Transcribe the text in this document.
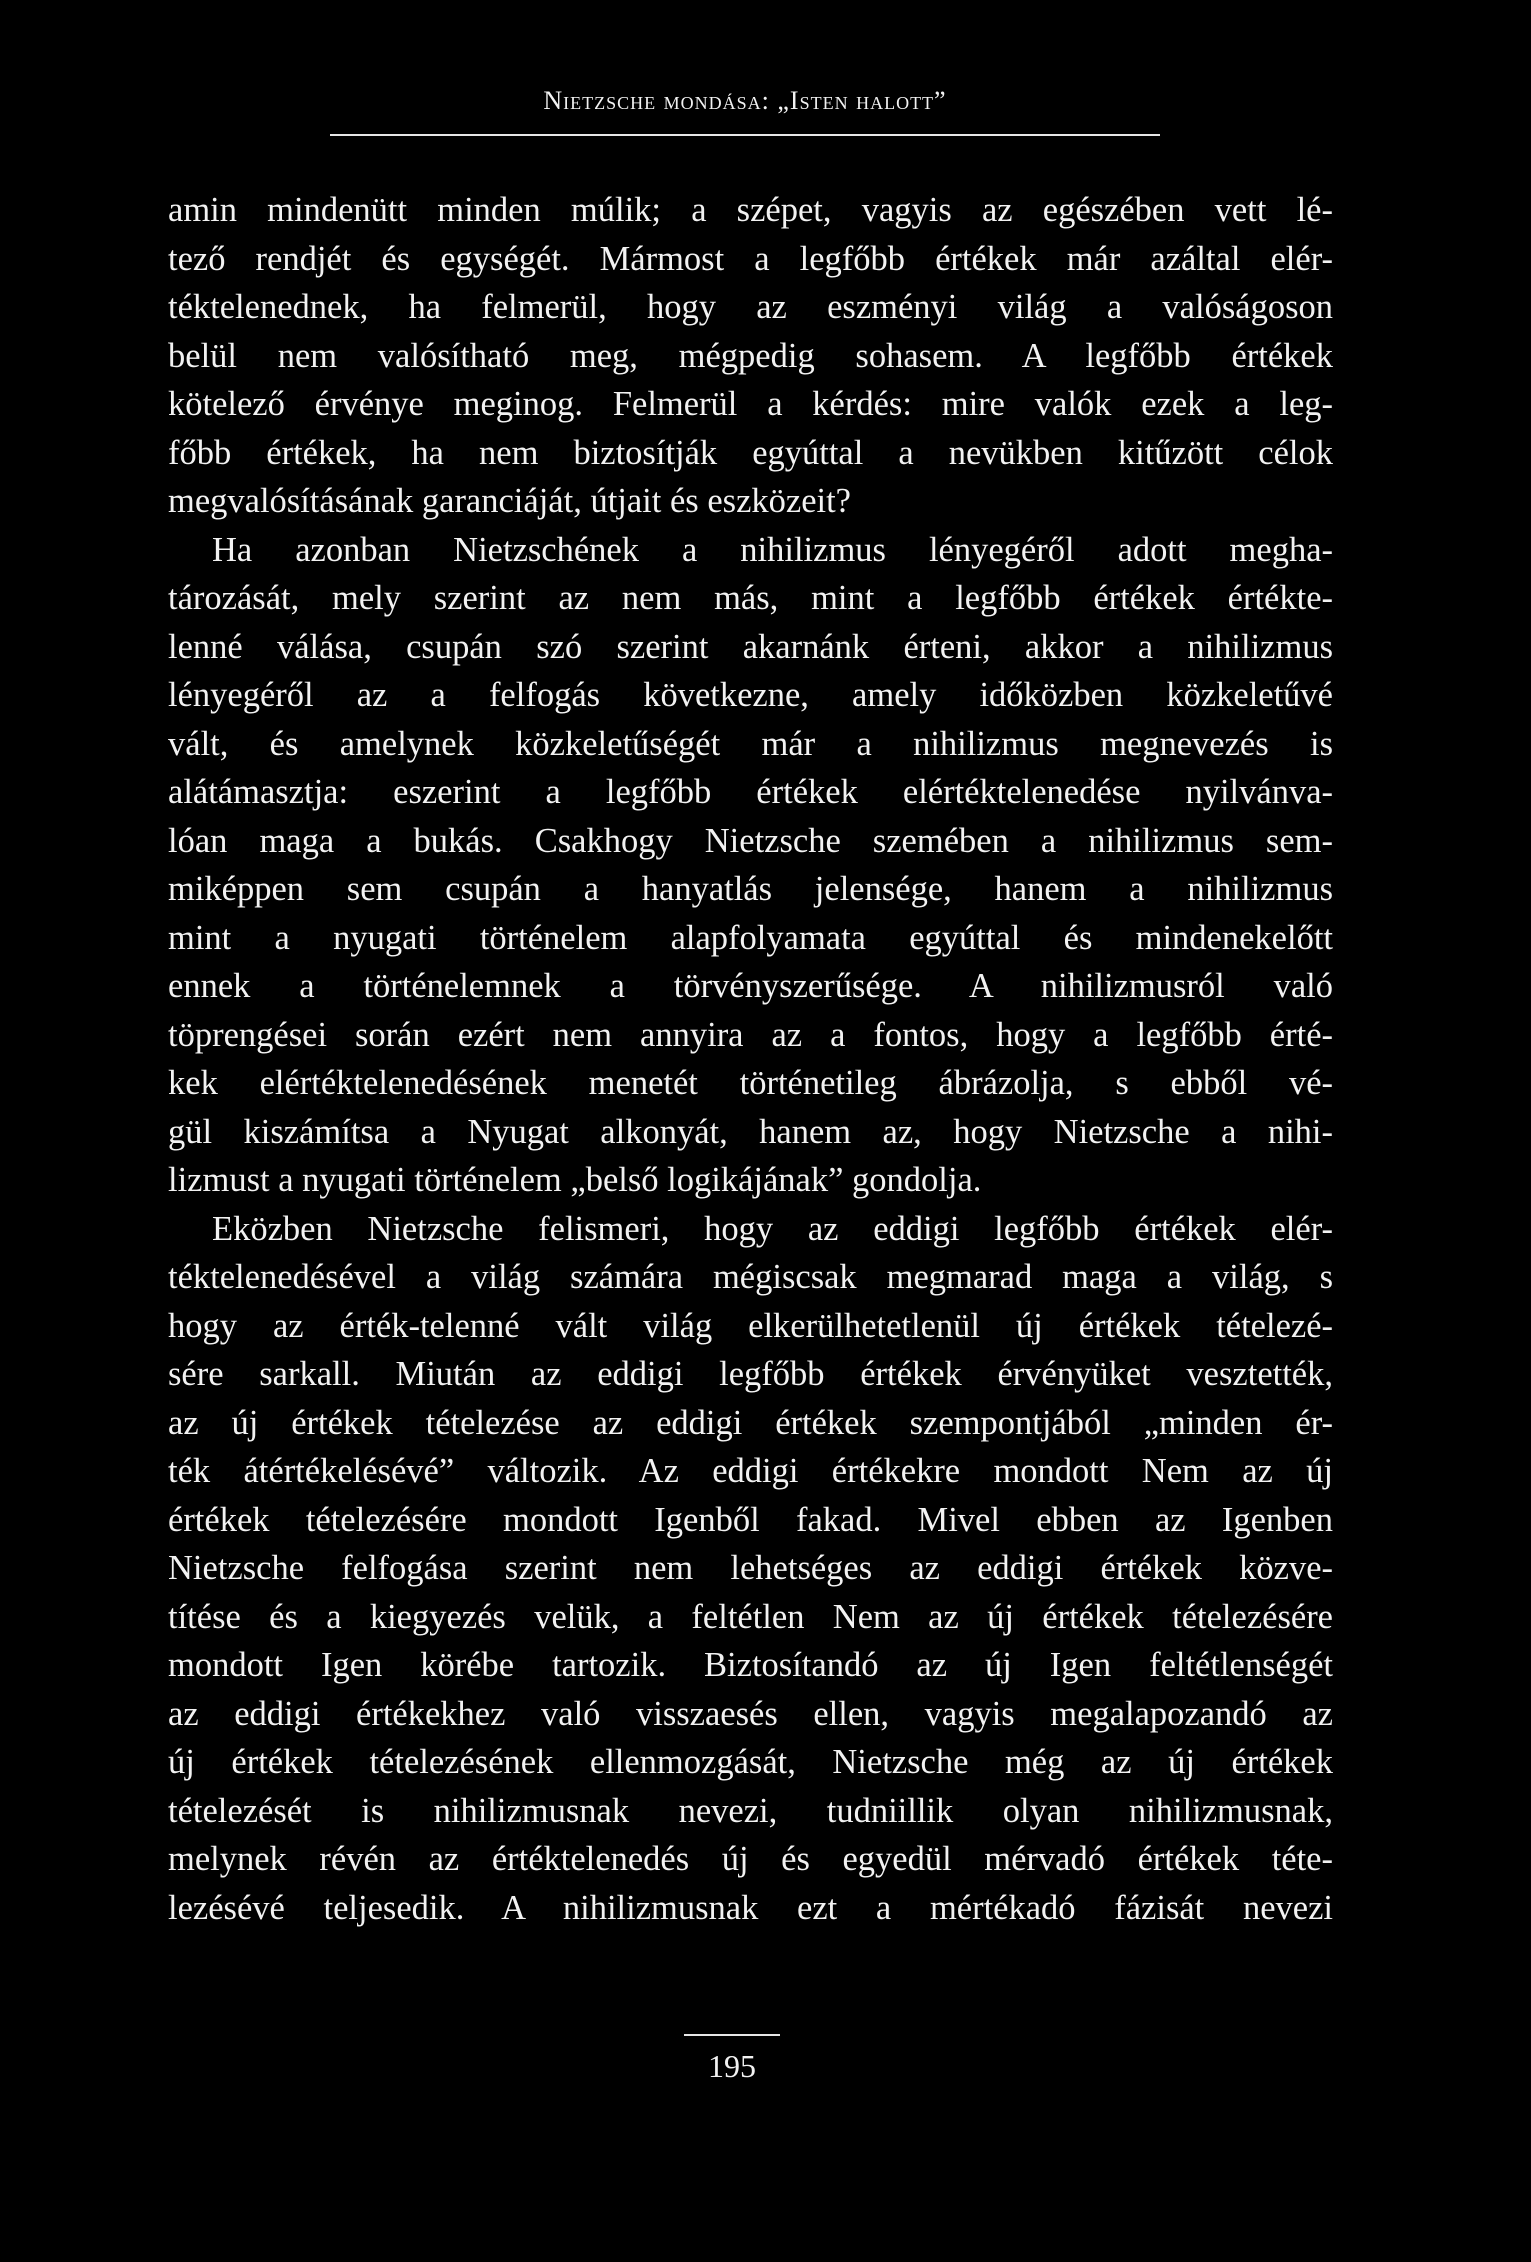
Nietzsche mondása: „Isten halott”
amin mindenütt minden múlik; a szépet, vagyis az egészében vett lé-
tező rendjét és egységét. Mármost a legfőbb értékek már azáltal elér-
téktelenednek, ha felmerül, hogy az eszményi világ a valóságoson
belül nem valósítható meg, mégpedig sohasem. A legfőbb értékek
kötelező érvénye meginog. Felmerül a kérdés: mire valók ezek a leg-
főbb értékek, ha nem biztosítják egyúttal a nevükben kitűzött célok
megvalósításának garanciáját, útjait és eszközeit?
Ha azonban Nietzschének a nihilizmus lényegéről adott megha-
tározását, mely szerint az nem más, mint a legfőbb értékek értékte-
lenné válása, csupán szó szerint akarnánk érteni, akkor a nihilizmus
lényegéről az a felfogás következne, amely időközben közkeletűvé
vált, és amelynek közkeletűségét már a nihilizmus megnevezés is
alátámasztja: eszerint a legfőbb értékek elértéktelenedése nyilvánva-
lóan maga a bukás. Csakhogy Nietzsche szemében a nihilizmus sem-
miképpen sem csupán a hanyatlás jelensége, hanem a nihilizmus
mint a nyugati történelem alapfolyamata egyúttal és mindenekelőtt
ennek a történelemnek a törvényszerűsége. A nihilizmusról való
töprengései során ezért nem annyira az a fontos, hogy a legfőbb érté-
kek elértéktelenedésének menetét történetileg ábrázolja, s ebből vé-
gül kiszámítsa a Nyugat alkonyát, hanem az, hogy Nietzsche a nihi-
lizmust a nyugati történelem „belső logikájának” gondolja.
Eközben Nietzsche felismeri, hogy az eddigi legfőbb értékek elér-
téktelenedésével a világ számára mégiscsak megmarad maga a világ, s
hogy az érték-telenné vált világ elkerülhetetlenül új értékek tételezé-
sére sarkall. Miután az eddigi legfőbb értékek érvényüket vesztették,
az új értékek tételezése az eddigi értékek szempontjából „minden ér-
ték átértékelésévé” változik. Az eddigi értékekre mondott Nem az új
értékek tételezésére mondott Igenből fakad. Mivel ebben az Igenben
Nietzsche felfogása szerint nem lehetséges az eddigi értékek közve-
títése és a kiegyezés velük, a feltétlen Nem az új értékek tételezésére
mondott Igen körébe tartozik. Biztosítandó az új Igen feltétlenségét
az eddigi értékekhez való visszaesés ellen, vagyis megalapozandó az
új értékek tételezésének ellenmozgását, Nietzsche még az új értékek
tételezését is nihilizmusnak nevezi, tudniillik olyan nihilizmusnak,
melynek révén az értéktelenedés új és egyedül mérvadó értékek téte-
lezésévé teljesedik. A nihilizmusnak ezt a mértékadó fázisát nevezi
195
